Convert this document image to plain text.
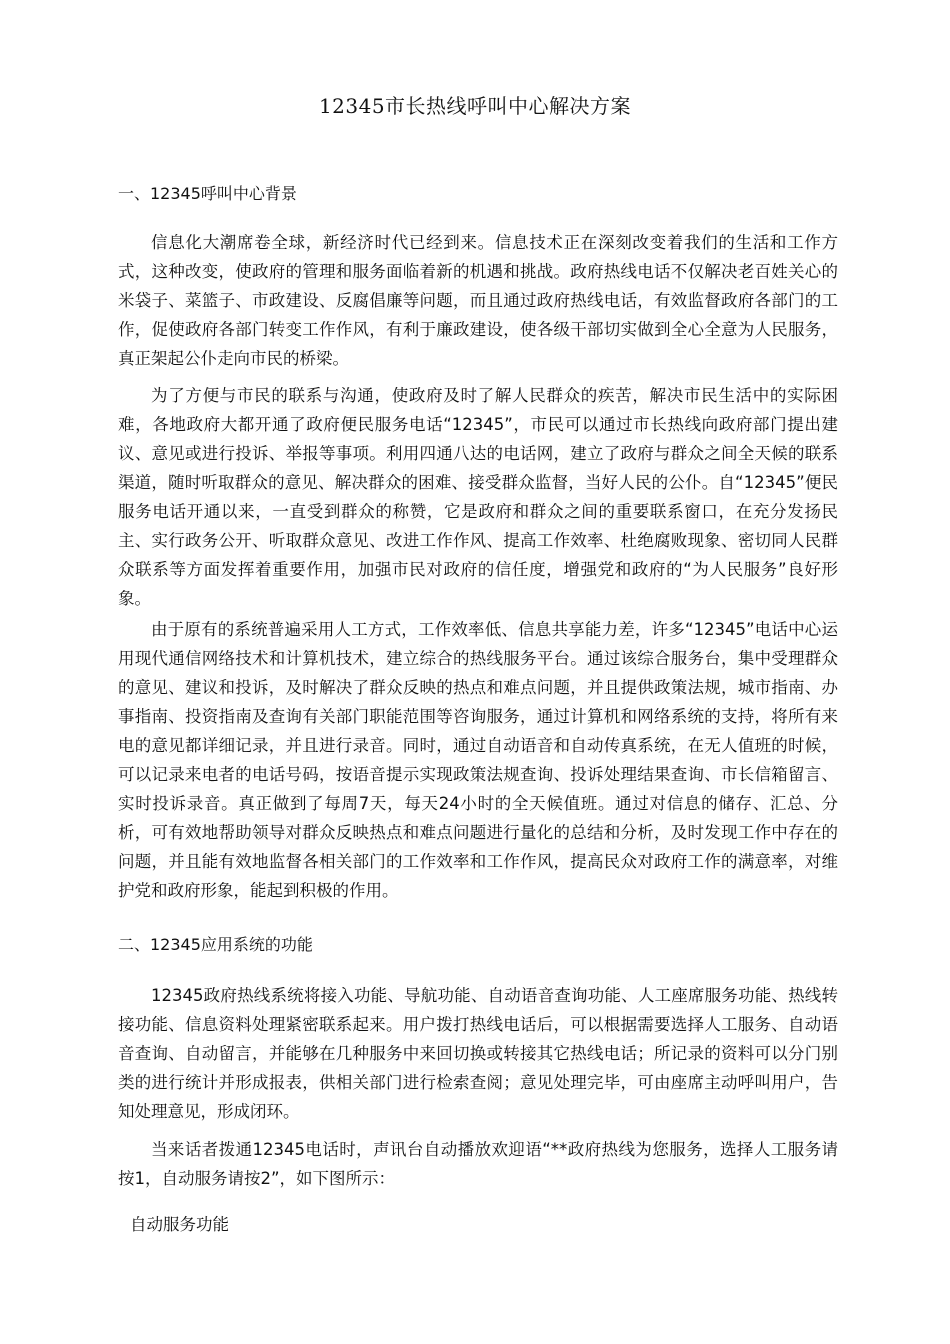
12345市长热线呼叫中心解决方案
一、12345呼叫中心背景

信息化大潮席卷全球，新经济时代已经到来。信息技术正在深刻改变着我们的生活和工作方式，这种改变，使政府的管理和服务面临着新的机遇和挑战。政府热线电话不仅解决老百姓关心的米袋子、菜篮子、市政建设、反腐倡廉等问题，而且通过政府热线电话，有效监督政府各部门的工作，促使政府各部门转变工作作风，有利于廉政建设，使各级干部切实做到全心全意为人民服务，真正架起公仆走向市民的桥梁。

为了方便与市民的联系与沟通，使政府及时了解人民群众的疾苦，解决市民生活中的实际困难，各地政府大都开通了政府便民服务电话“12345”，市民可以通过市长热线向政府部门提出建议、意见或进行投诉、举报等事项。利用四通八达的电话网，建立了政府与群众之间全天候的联系渠道，随时听取群众的意见、解决群众的困难、接受群众监督，当好人民的公仆。自“12345”便民服务电话开通以来，一直受到群众的称赞，它是政府和群众之间的重要联系窗口，在充分发扬民主、实行政务公开、听取群众意见、改进工作作风、提高工作效率、杜绝腐败现象、密切同人民群众联系等方面发挥着重要作用，加强市民对政府的信任度，增强党和政府的“为人民服务”良好形象。

由于原有的系统普遍采用人工方式，工作效率低、信息共享能力差，许多“12345”电话中心运用现代通信网络技术和计算机技术，建立综合的热线服务平台。通过该综合服务台，集中受理群众的意见、建议和投诉，及时解决了群众反映的热点和难点问题，并且提供政策法规，城市指南、办事指南、投资指南及查询有关部门职能范围等咨询服务，通过计算机和网络系统的支持，将所有来电的意见都详细记录，并且进行录音。同时，通过自动语音和自动传真系统，在无人值班的时候，可以记录来电者的电话号码，按语音提示实现政策法规查询、投诉处理结果查询、市长信箱留言、实时投诉录音。真正做到了每周7天，每天24小时的全天候值班。通过对信息的储存、汇总、分析，可有效地帮助领导对群众反映热点和难点问题进行量化的总结和分析，及时发现工作中存在的问题，并且能有效地监督各相关部门的工作效率和工作作风，提高民众对政府工作的满意率，对维护党和政府形象，能起到积极的作用。

二、12345应用系统的功能

12345政府热线系统将接入功能、导航功能、自动语音查询功能、人工座席服务功能、热线转接功能、信息资料处理紧密联系起来。用户拨打热线电话后，可以根据需要选择人工服务、自动语音查询、自动留言，并能够在几种服务中来回切换或转接其它热线电话；所记录的资料可以分门别类的进行统计并形成报表，供相关部门进行检索查阅；意见处理完毕，可由座席主动呼叫用户，告知处理意见，形成闭环。

当来话者拨通12345电话时，声讯台自动播放欢迎语“**政府热线为您服务，选择人工服务请按1，自动服务请按2”，如下图所示：

自动服务功能
